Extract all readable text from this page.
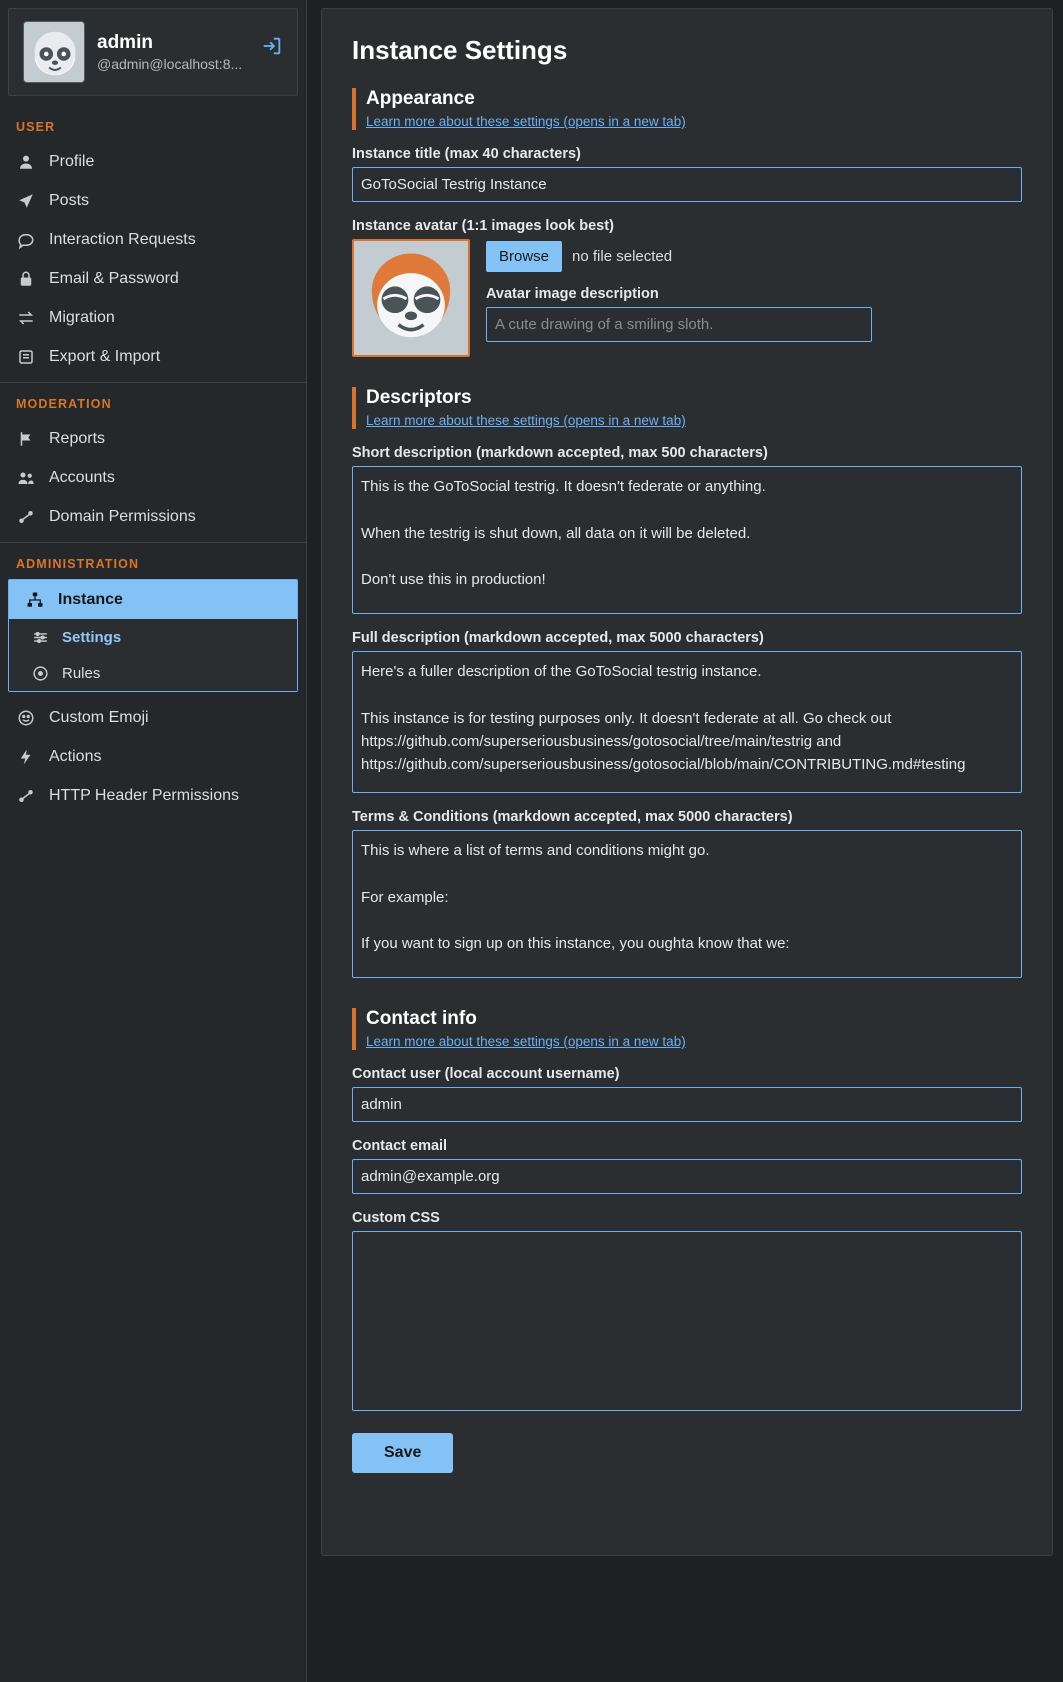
admin
@admin@localhost:8...
USER
Profile
Posts
Interaction Requests
Email & Password
Migration
Export & Import
MODERATION
Reports
Accounts
Domain Permissions
ADMINISTRATION
Instance
Settings
Rules
Custom Emoji
Actions
HTTP Header Permissions
Instance Settings
Appearance
Learn more about these settings (opens in a new tab)
Instance title (max 40 characters)
GoToSocial Testrig Instance
Instance avatar (1:1 images look best)
Browse	no file selected
Avatar image description
A cute drawing of a smiling sloth.
Descriptors
Learn more about these settings (opens in a new tab)
Short description (markdown accepted, max 500 characters)
This is the GoToSocial testrig. It doesn't federate or anything. When the testrig is shut down, all data on it will be deleted. Don't use this in production!
Full description (markdown accepted, max 5000 characters)
Here's a fuller description of the GoToSocial testrig instance. This instance is for testing purposes only. It doesn't federate at all. Go check out https://github.com/superseriousbusiness/gotosocial/tree/main/testrig and https://github.com/superseriousbusiness/gotosocial/blob/main/CONTRIBUTING.md#testing
Terms & Conditions (markdown accepted, max 5000 characters)
This is where a list of terms and conditions might go. For example: If you want to sign up on this instance, you oughta know that we:
Contact info
Learn more about these settings (opens in a new tab)
Contact user (local account username)
admin
Contact email
admin@example.org
Custom CSS
Save
